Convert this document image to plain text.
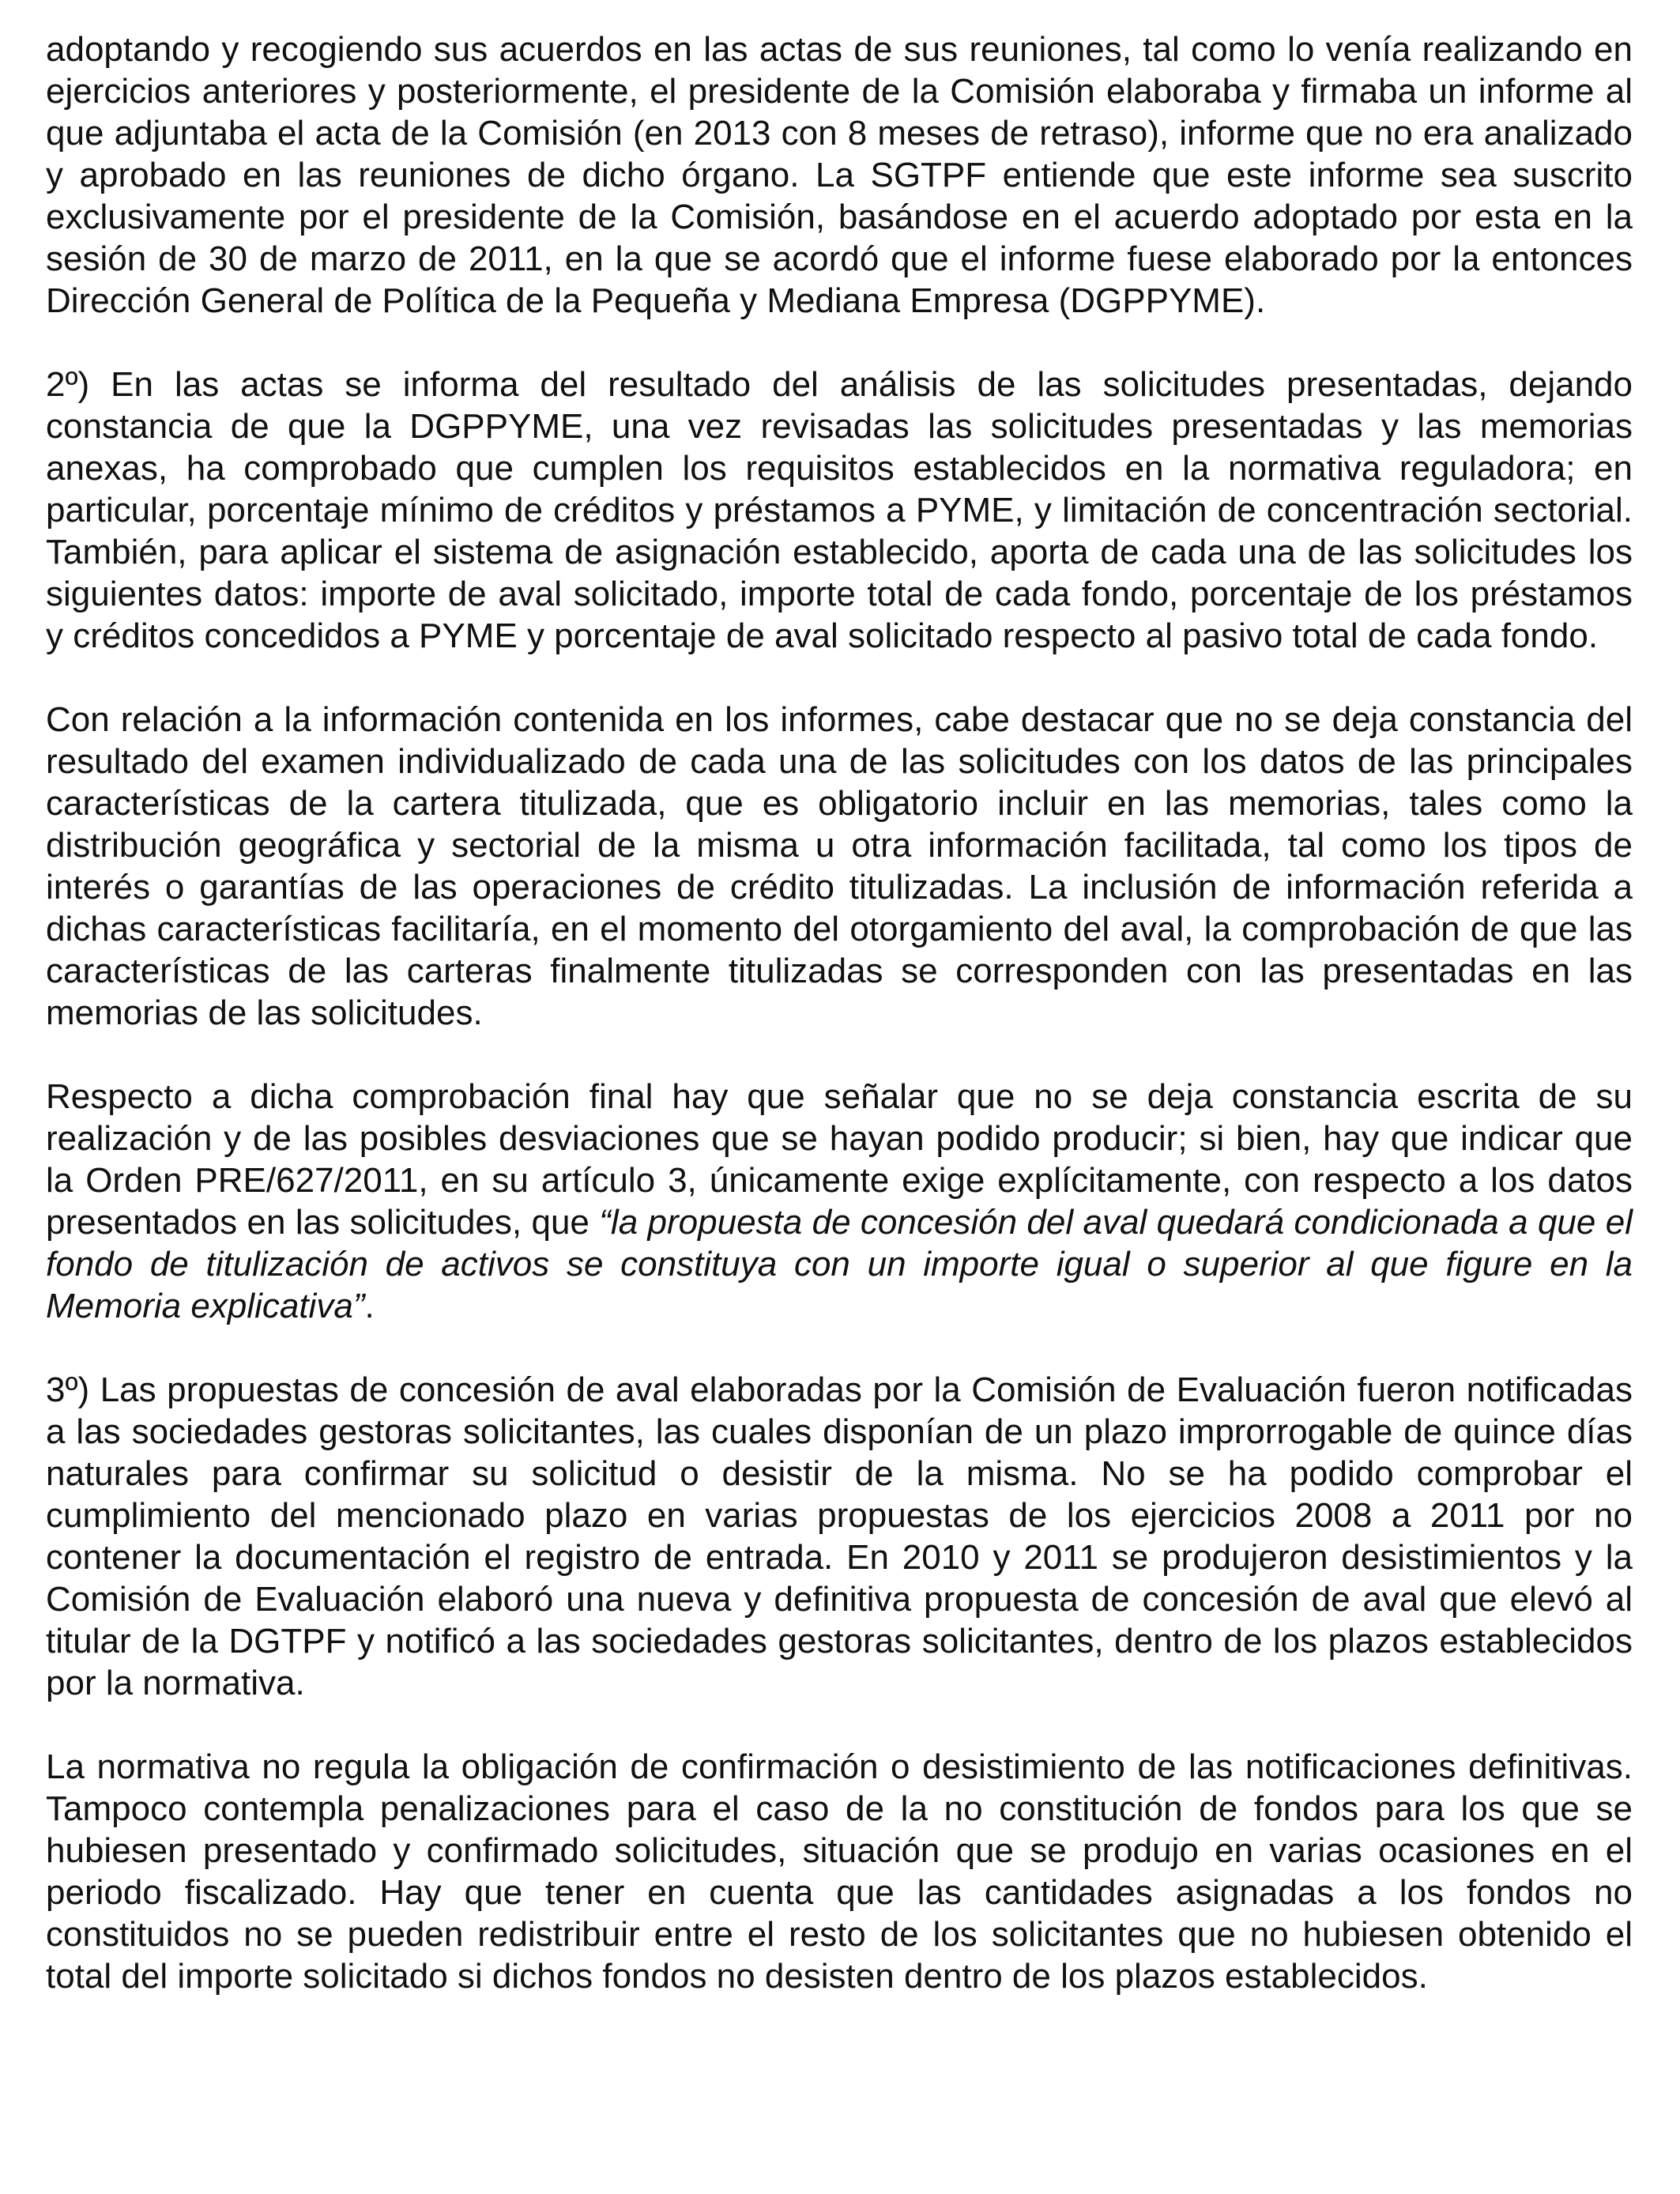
adoptando y recogiendo sus acuerdos en las actas de sus reuniones, tal como lo venía realizando en ejercicios anteriores y posteriormente, el presidente de la Comisión elaboraba y firmaba un informe al que adjuntaba el acta de la Comisión (en 2013 con 8 meses de retraso), informe que no era analizado y aprobado en las reuniones de dicho órgano. La SGTPF entiende que este informe sea suscrito exclusivamente por el presidente de la Comisión, basándose en el acuerdo adoptado por esta en la sesión de 30 de marzo de 2011, en la que se acordó que el informe fuese elaborado por la entonces Dirección General de Política de la Pequeña y Mediana Empresa (DGPPYME).

2º) En las actas se informa del resultado del análisis de las solicitudes presentadas, dejando constancia de que la DGPPYME, una vez revisadas las solicitudes presentadas y las memorias anexas, ha comprobado que cumplen los requisitos establecidos en la normativa reguladora; en particular, porcentaje mínimo de créditos y préstamos a PYME, y limitación de concentración sectorial. También, para aplicar el sistema de asignación establecido, aporta de cada una de las solicitudes los siguientes datos: importe de aval solicitado, importe total de cada fondo, porcentaje de los préstamos y créditos concedidos a PYME y porcentaje de aval solicitado respecto al pasivo total de cada fondo.

Con relación a la información contenida en los informes, cabe destacar que no se deja constancia del resultado del examen individualizado de cada una de las solicitudes con los datos de las principales características de la cartera titulizada, que es obligatorio incluir en las memorias, tales como la distribución geográfica y sectorial de la misma u otra información facilitada, tal como los tipos de interés o garantías de las operaciones de crédito titulizadas. La inclusión de información referida a dichas características facilitaría, en el momento del otorgamiento del aval, la comprobación de que las características de las carteras finalmente titulizadas se corresponden con las presentadas en las memorias de las solicitudes.

Respecto a dicha comprobación final hay que señalar que no se deja constancia escrita de su realización y de las posibles desviaciones que se hayan podido producir; si bien, hay que indicar que la Orden PRE/627/2011, en su artículo 3, únicamente exige explícitamente, con respecto a los datos presentados en las solicitudes, que “la propuesta de concesión del aval quedará condicionada a que el fondo de titulización de activos se constituya con un importe igual o superior al que figure en la Memoria explicativa”.

3º) Las propuestas de concesión de aval elaboradas por la Comisión de Evaluación fueron notificadas a las sociedades gestoras solicitantes, las cuales disponían de un plazo improrrogable de quince días naturales para confirmar su solicitud o desistir de la misma. No se ha podido comprobar el cumplimiento del mencionado plazo en varias propuestas de los ejercicios 2008 a 2011 por no contener la documentación el registro de entrada. En 2010 y 2011 se produjeron desistimientos y la Comisión de Evaluación elaboró una nueva y definitiva propuesta de concesión de aval que elevó al titular de la DGTPF y notificó a las sociedades gestoras solicitantes, dentro de los plazos establecidos por la normativa.

La normativa no regula la obligación de confirmación o desistimiento de las notificaciones definitivas. Tampoco contempla penalizaciones para el caso de la no constitución de fondos para los que se hubiesen presentado y confirmado solicitudes, situación que se produjo en varias ocasiones en el periodo fiscalizado. Hay que tener en cuenta que las cantidades asignadas a los fondos no constituidos no se pueden redistribuir entre el resto de los solicitantes que no hubiesen obtenido el total del importe solicitado si dichos fondos no desisten dentro de los plazos establecidos.
